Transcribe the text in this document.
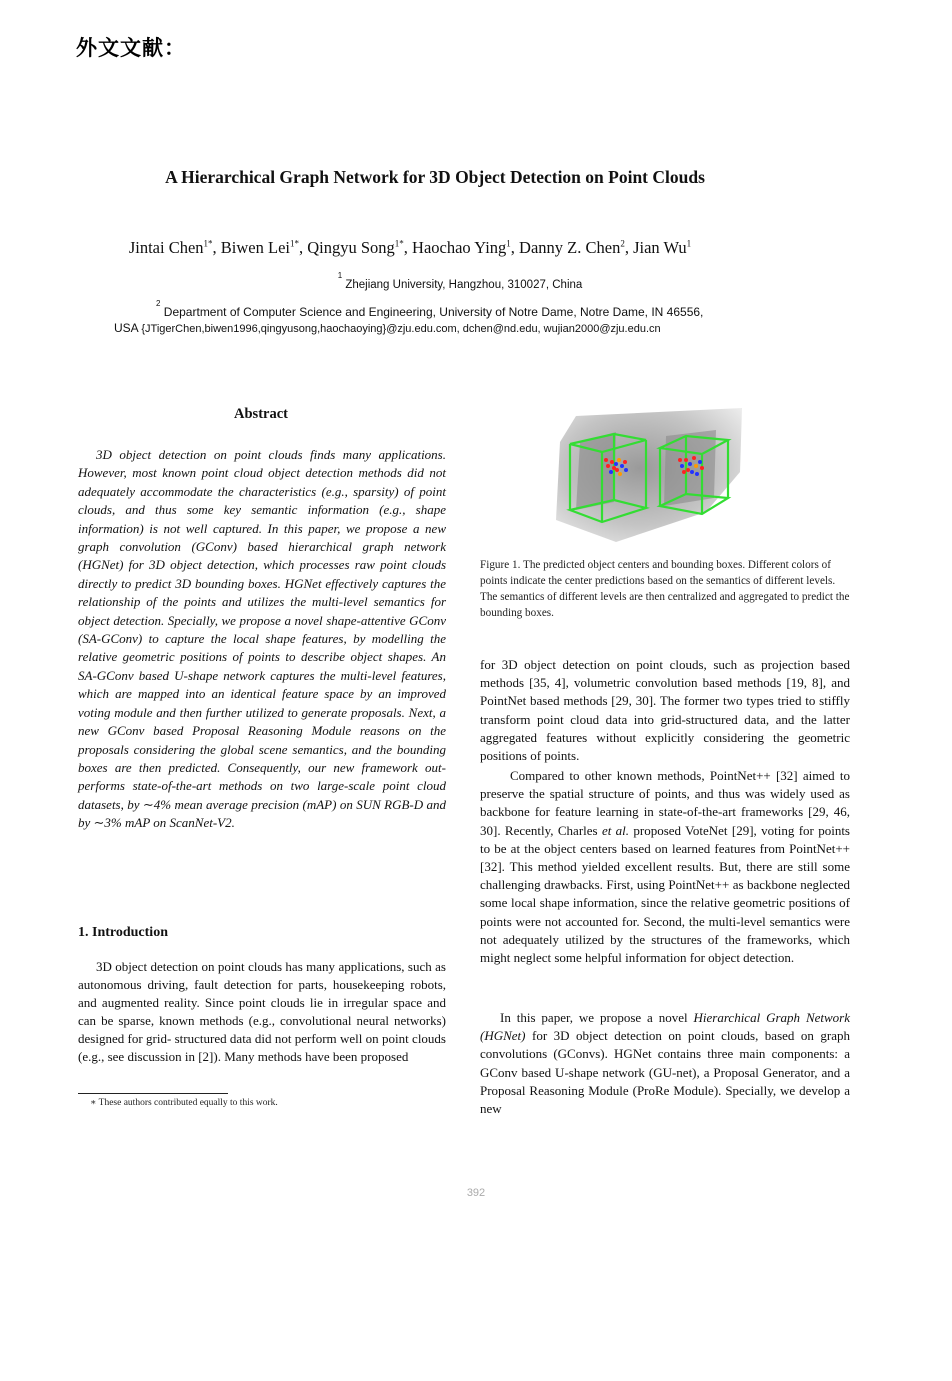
外文文献：
A Hierarchical Graph Network for 3D Object Detection on Point Clouds
Jintai Chen$^{1*}$, Biwen Lei$^{1*}$, Qingyu Song$^{1*}$, Haochao Ying$^1$, Danny Z. Chen$^2$, Jian Wu$^1$
1 Zhejiang University, Hangzhou, 310027, China
2 Department of Computer Science and Engineering, University of Notre Dame, Notre Dame, IN 46556,
USA {JTigerChen,biwen1996,qingyusong,haochaoying}@zju.edu.com, dchen@nd.edu, wujian2000@zju.edu.cn
Abstract
3D object detection on point clouds finds many applications. However, most known point cloud object detection methods did not adequately accommodate the characteristics (e.g., sparsity) of point clouds, and thus some key semantic information (e.g., shape information) is not well captured. In this paper, we propose a new graph convolution (GConv) based hierarchical graph network (HGNet) for 3D object detection, which processes raw point clouds directly to predict 3D bounding boxes. HGNet effectively captures the relationship of the points and utilizes the multi-level semantics for object detection. Specially, we propose a novel shape-attentive GConv (SA-GConv) to capture the local shape features, by modelling the relative geometric positions of points to describe object shapes. An SA-GConv based U-shape network captures the multi-level features, which are mapped into an identical feature space by an improved voting module and then further utilized to generate proposals. Next, a new GConv based Proposal Reasoning Module reasons on the proposals considering the global scene semantics, and the bounding boxes are then predicted. Consequently, our new framework out- performs state-of-the-art methods on two large-scale point cloud datasets, by ∼4% mean average precision (mAP) on SUN RGB-D and by ∼3% mAP on ScanNet-V2.
1. Introduction
3D object detection on point clouds has many applications, such as autonomous driving, fault detection for parts, housekeeping robots, and augmented reality. Since point clouds lie in irregular space and can be sparse, known methods (e.g., convolutional neural networks) designed for grid- structured data did not perform well on point clouds (e.g., see discussion in [2]). Many methods have been proposed
∗ These authors contributed equally to this work.
Figure 1. The predicted object centers and bounding boxes. Different colors of points indicate the center predictions based on the semantics of different levels. The semantics of different levels are then centralized and aggregated to predict the bounding boxes.

for 3D object detection on point clouds, such as projection based methods [35, 4], volumetric convolution based methods [19, 8], and PointNet based methods [29, 30]. The former two types tried to stiffly transform point cloud data into grid-structured data, and the latter aggregated features without explicitly considering the geometric positions of points.

Compared to other known methods, PointNet++ [32] aimed to preserve the spatial structure of points, and thus was widely used as backbone for feature learning in state-of-the-art frameworks [29, 46, 30]. Recently, Charles et al. proposed VoteNet [29], voting for points to be at the object centers based on learned features from PointNet++ [32]. This method yielded excellent results. But, there are still some challenging drawbacks. First, using PointNet++ as backbone neglected some local shape information, since the relative geometric positions of points were not accounted for. Second, the multi-level semantics were not adequately utilized by the structures of the frameworks, which might neglect some helpful information for object detection.

In this paper, we propose a novel Hierarchical Graph Network (HGNet) for 3D object detection on point clouds, based on graph convolutions (GConvs). HGNet contains three main components: a GConv based U-shape network (GU-net), a Proposal Generator, and a Proposal Reasoning Module (ProRe Module). Specially, we develop a new

392
